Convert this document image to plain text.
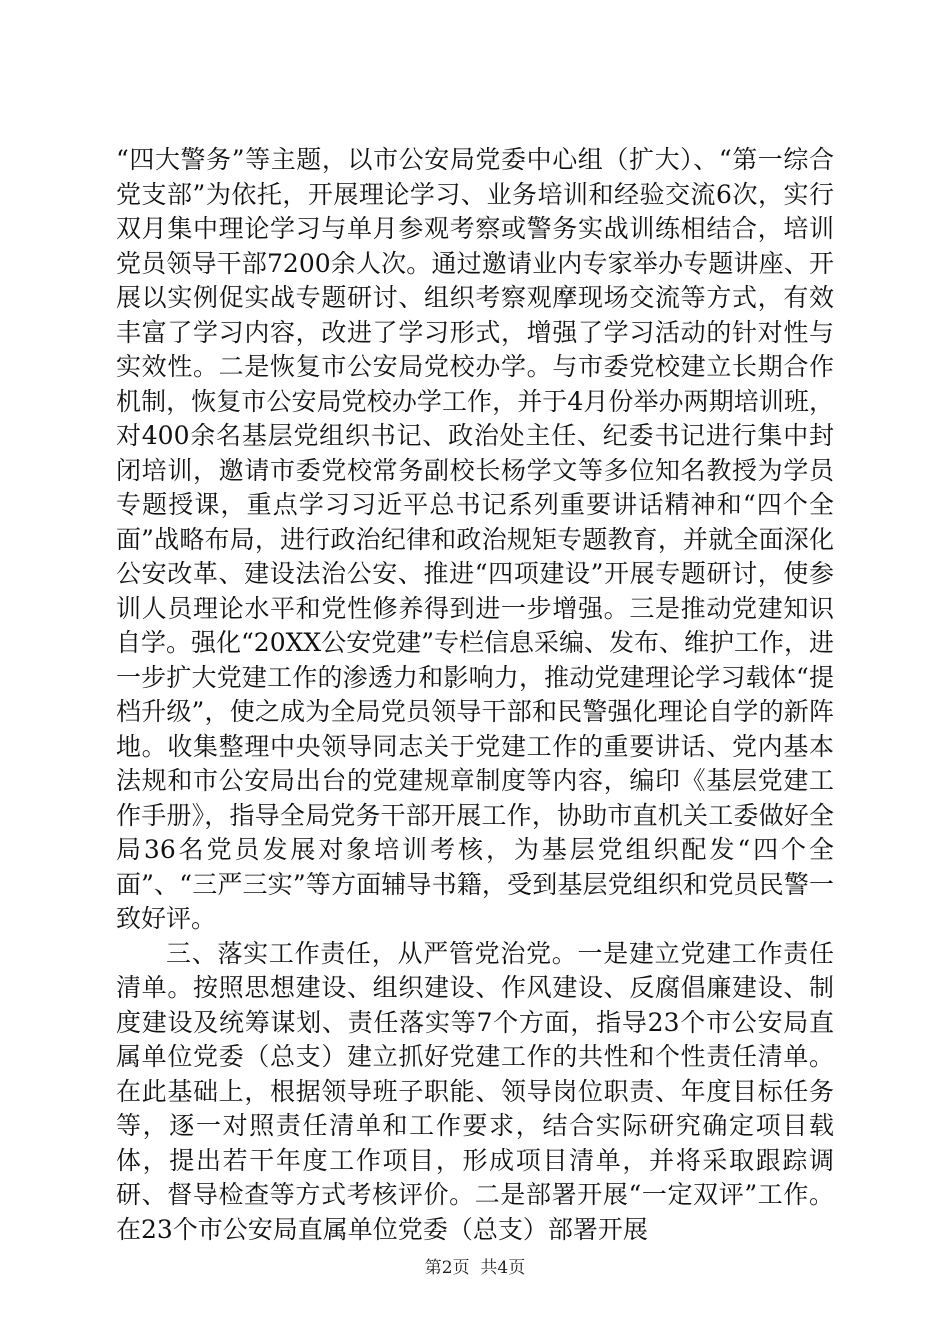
“四大警务”等主题，以市公安局党委中心组（扩大）、“第一综合党支部”为依托，开展理论学习、业务培训和经验交流6次，实行双月集中理论学习与单月参观考察或警务实战训练相结合，培训党员领导干部7200余人次。通过邀请业内专家举办专题讲座、开展以实例促实战专题研讨、组织考察观摩现场交流等方式，有效丰富了学习内容，改进了学习形式，增强了学习活动的针对性与实效性。二是恢复市公安局党校办学。与市委党校建立长期合作机制，恢复市公安局党校办学工作，并于4月份举办两期培训班，对400余名基层党组织书记、政治处主任、纪委书记进行集中封闭培训，邀请市委党校常务副校长杨学文等多位知名教授为学员专题授课，重点学习习近平总书记系列重要讲话精神和“四个全面”战略布局，进行政治纪律和政治规矩专题教育，并就全面深化公安改革、建设法治公安、推进“四项建设”开展专题研讨，使参训人员理论水平和党性修养得到进一步增强。三是推动党建知识自学。强化“20XX公安党建”专栏信息采编、发布、维护工作，进一步扩大党建工作的渗透力和影响力，推动党建理论学习载体“提档升级”，使之成为全局党员领导干部和民警强化理论自学的新阵地。收集整理中央领导同志关于党建工作的重要讲话、党内基本法规和市公安局出台的党建规章制度等内容，编印《基层党建工作手册》，指导全局党务干部开展工作，协助市直机关工委做好全局36名党员发展对象培训考核，为基层党组织配发“四个全面”、“三严三实”等方面辅导书籍，受到基层党组织和党员民警一致好评。

三、落实工作责任，从严管党治党。一是建立党建工作责任清单。按照思想建设、组织建设、作风建设、反腐倡廉建设、制度建设及统筹谋划、责任落实等7个方面，指导23个市公安局直属单位党委（总支）建立抓好党建工作的共性和个性责任清单。在此基础上，根据领导班子职能、领导岗位职责、年度目标任务等，逐一对照责任清单和工作要求，结合实际研究确定项目载体，提出若干年度工作项目，形成项目清单，并将采取跟踪调研、督导检查等方式考核评价。二是部署开展“一定双评”工作。在23个市公安局直属单位党委（总支）部署开展

第2页  共4页
